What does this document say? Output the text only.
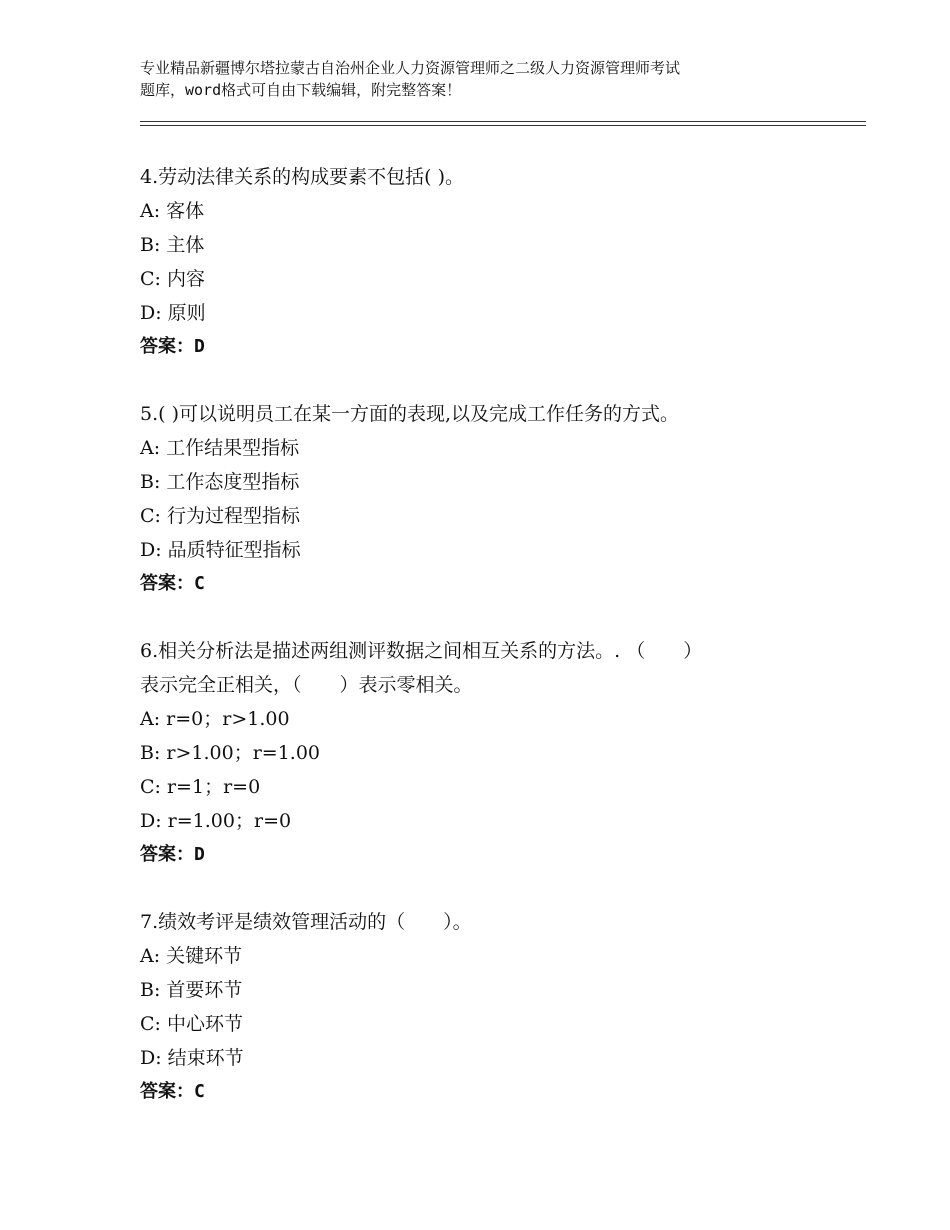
专业精品新疆博尔塔拉蒙古自治州企业人力资源管理师之二级人力资源管理师考试
题库，word格式可自由下载编辑，附完整答案！

4.劳动法律关系的构成要素不包括( )。

A: 客体

B: 主体

C: 内容

D: 原则

答案：D

5.( )可以说明员工在某一方面的表现,以及完成工作任务的方式。

A: 工作结果型指标

B: 工作态度型指标

C: 行为过程型指标

D: 品质特征型指标

答案：C

6.相关分析法是描述两组测评数据之间相互关系的方法。. （　　）

表示完全正相关，（　　）表示零相关。

A: r=0；r>1.00

B: r>1.00；r=1.00

C: r=1；r=0

D: r=1.00；r=0

答案：D

7.绩效考评是绩效管理活动的（　　）。

A: 关键环节

B: 首要环节

C: 中心环节

D: 结束环节

答案：C
